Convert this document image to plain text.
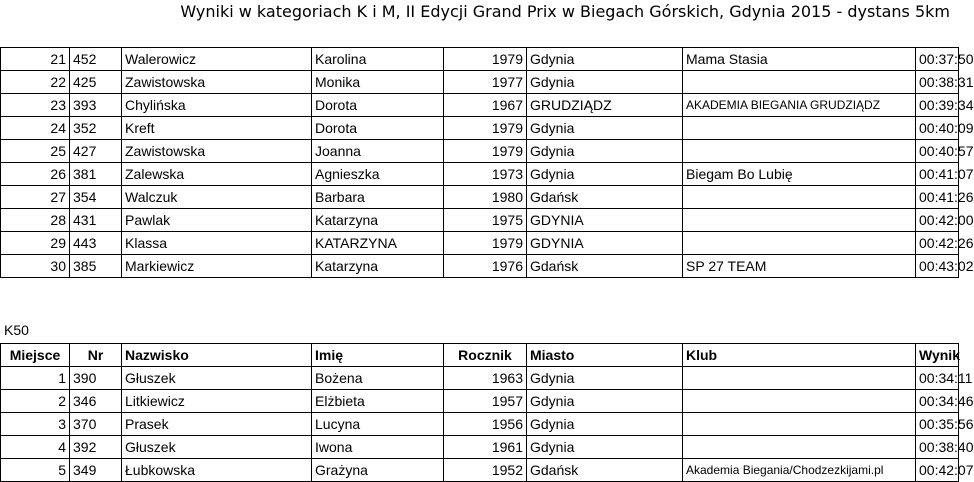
Wyniki w kategoriach K i M, II Edycji Grand Prix w Biegach Górskich, Gdynia 2015 - dystans 5km
21	452	Walerowicz	Karolina	1979	Gdynia	Mama Stasia	00:37:50
22	425	Zawistowska	Monika	1977	Gdynia		00:38:31
23	393	Chylińska	Dorota	1967	GRUDZIĄDZ	AKADEMIA BIEGANIA GRUDZIĄDZ	00:39:34
24	352	Kreft	Dorota	1979	Gdynia		00:40:09
25	427	Zawistowska	Joanna	1979	Gdynia		00:40:57
26	381	Zalewska	Agnieszka	1973	Gdynia	Biegam Bo Lubię	00:41:07
27	354	Walczuk	Barbara	1980	Gdańsk		00:41:26
28	431	Pawlak	Katarzyna	1975	GDYNIA		00:42:00
29	443	Klassa	KATARZYNA	1979	GDYNIA		00:42:26
30	385	Markiewicz	Katarzyna	1976	Gdańsk	SP 27 TEAM	00:43:02
K50
Miejsce	Nr	Nazwisko	Imię	Rocznik	Miasto	Klub	Wynik
1	390	Głuszek	Bożena	1963	Gdynia		00:34:11
2	346	Litkiewicz	Elżbieta	1957	Gdynia		00:34:46
3	370	Prasek	Lucyna	1956	Gdynia		00:35:56
4	392	Głuszek	Iwona	1961	Gdynia		00:38:40
5	349	Łubkowska	Grażyna	1952	Gdańsk	Akademia Biegania/Chodzezkijami.pl	00:42:07
